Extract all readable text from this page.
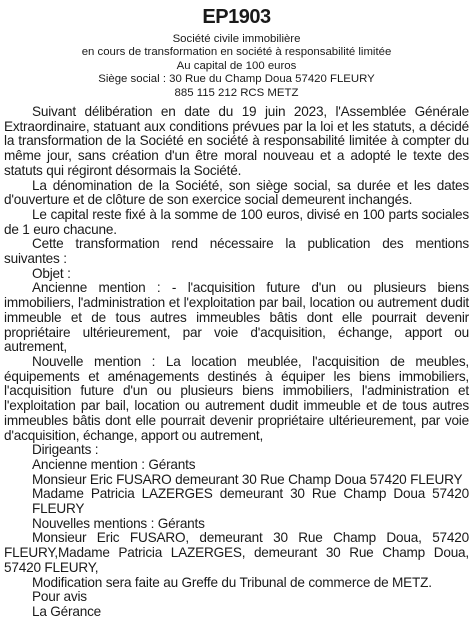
EP1903
Société civile immobilière
en cours de transformation en société à responsabilité limitée
Au capital de 100 euros
Siège social : 30 Rue du Champ Doua 57420 FLEURY
885 115 212 RCS METZ

Suivant délibération en date du 19 juin 2023, l'Assemblée Générale Extraordinaire, statuant aux conditions prévues par la loi et les statuts, a décidé la transformation de la Société en société à responsabilité limitée à compter du même jour, sans création d'un être moral nouveau et a adopté le texte des statuts qui régiront désormais la Société.

La dénomination de la Société, son siège social, sa durée et les dates d'ouverture et de clôture de son exercice social demeurent inchangés.

Le capital reste fixé à la somme de 100 euros, divisé en 100 parts sociales de 1 euro chacune.

Cette transformation rend nécessaire la publication des mentions suivantes :

Objet :

Ancienne mention : - l'acquisition future d'un ou plusieurs biens immobiliers, l'administration et l'exploitation par bail, location ou autrement dudit immeuble et de tous autres immeubles bâtis dont elle pourrait devenir propriétaire ultérieurement, par voie d'acquisition, échange, apport ou autrement,

Nouvelle mention : La location meublée, l'acquisition de meubles, équipements et aménagements destinés à équiper les biens immobiliers, l'acquisition future d'un ou plusieurs biens immobiliers, l'administration et l'exploitation par bail, location ou autrement dudit immeuble et de tous autres immeubles bâtis dont elle pourrait devenir propriétaire ultérieurement, par voie d'acquisition, échange, apport ou autrement,

Dirigeants :

Ancienne mention : Gérants

Monsieur Eric FUSARO demeurant 30 Rue Champ Doua 57420 FLEURY

Madame Patricia LAZERGES demeurant 30 Rue Champ Doua 57420 FLEURY

Nouvelles mentions : Gérants

Monsieur Eric FUSARO, demeurant 30 Rue Champ Doua, 57420 FLEURY,Madame Patricia LAZERGES, demeurant 30 Rue Champ Doua, 57420 FLEURY,

Modification sera faite au Greffe du Tribunal de commerce de METZ.

Pour avis

La Gérance
